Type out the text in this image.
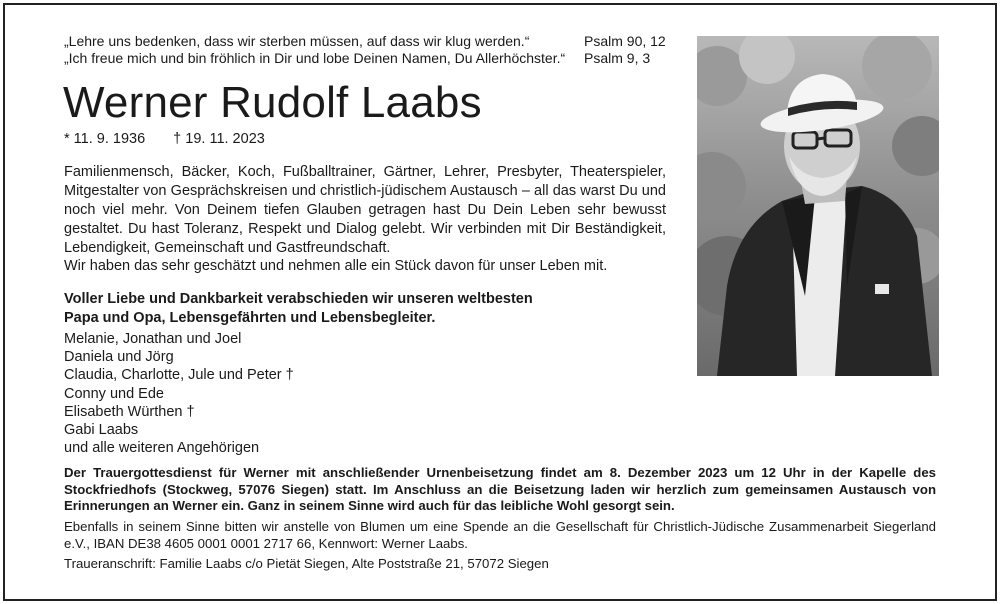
„Lehre uns bedenken, dass wir sterben müssen, auf dass wir klug werden.“	Psalm 90, 12
„Ich freue mich und bin fröhlich in Dir und lobe Deinen Namen, Du Allerhöchster.“ Psalm 9, 3
Werner Rudolf Laabs
* 11. 9. 1936 † 19. 11. 2023

Familienmensch, Bäcker, Koch, Fußballtrainer, Gärtner, Lehrer, Presbyter, Theaterspieler, Mitgestalter von Gesprächskreisen und christlich-jüdischem Austausch – all das warst Du und noch viel mehr. Von Deinem tiefen Glauben getragen hast Du Dein Leben sehr bewusst gestaltet. Du hast Toleranz, Respekt und Dialog gelebt. Wir verbinden mit Dir Beständigkeit, Lebendigkeit, Gemeinschaft und Gastfreundschaft.

Wir haben das sehr geschätzt und nehmen alle ein Stück davon für unser Leben mit.

Voller Liebe und Dankbarkeit verabschieden wir unseren weltbesten
Papa und Opa, Lebensgefährten und Lebensbegleiter.
Melanie, Jonathan und Joel
Daniela und Jörg
Claudia, Charlotte, Jule und Peter †
Conny und Ede
Elisabeth Würthen †
Gabi Laabs
und alle weiteren Angehörigen

Der Trauergottesdienst für Werner mit anschließender Urnenbeisetzung findet am 8. Dezember 2023 um 12 Uhr in der Kapelle des Stockfriedhofs (Stockweg, 57076 Siegen) statt. Im Anschluss an die Beisetzung laden wir herzlich zum gemeinsamen Austausch von Erinnerungen an Werner ein. Ganz in seinem Sinne wird auch für das leibliche Wohl gesorgt sein.

Ebenfalls in seinem Sinne bitten wir anstelle von Blumen um eine Spende an die Gesellschaft für Christlich-Jüdische Zusammenarbeit Siegerland e.V., IBAN DE38 4605 0001 0001 2717 66, Kennwort: Werner Laabs.

Traueranschrift: Familie Laabs c/o Pietät Siegen, Alte Poststraße 21, 57072 Siegen
